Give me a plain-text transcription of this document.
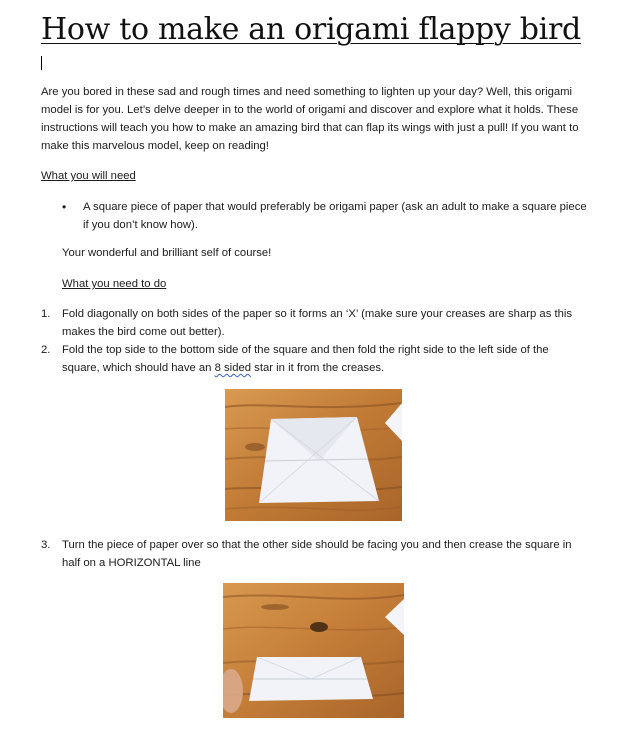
How to make an origami flappy bird

Are you bored in these sad and rough times and need something to lighten up your day? Well, this origami model is for you. Let’s delve deeper in to the world of origami and discover and explore what it holds. These instructions will teach you how to make an amazing bird that can flap its wings with just a pull! If you want to make this marvelous model, keep on reading!

What you will need

•	A square piece of paper that would preferably be origami paper (ask an adult to make a square piece if you don’t know how).

Your wonderful and brilliant self of course!

What you need to do

1.	Fold diagonally on both sides of the paper so it forms an ‘X’ (make sure your creases are sharp as this makes the bird come out better).

2.	Fold the top side to the bottom side of the square and then fold the right side to the left side of the square, which should have an 8 sided star in it from the creases.

3.	Turn the piece of paper over so that the other side should be facing you and then crease the square in half on a HORIZONTAL line
